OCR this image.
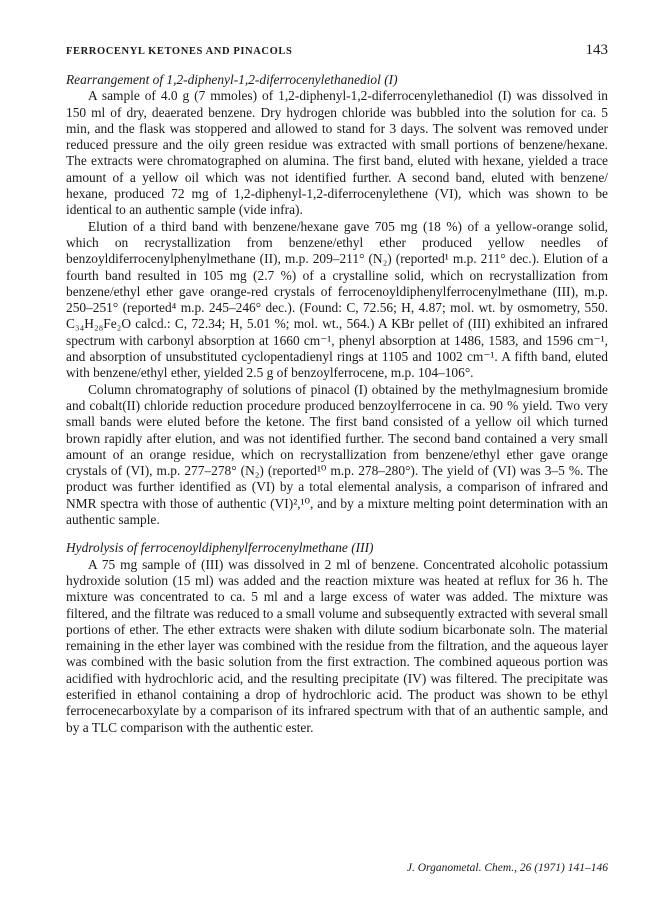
FERROCENYL KETONES AND PINACOLS	143

Rearrangement of 1,2-diphenyl-1,2-diferrocenylethanediol (I)

A sample of 4.0 g (7 mmoles) of 1,2-diphenyl-1,2-diferrocenylethanediol (I) was dissolved in 150 ml of dry, deaerated benzene. Dry hydrogen chloride was bubbled into the solution for ca. 5 min, and the flask was stoppered and allowed to stand for 3 days. The solvent was removed under reduced pressure and the oily green residue was extracted with small portions of benzene/hexane. The extracts were chromatographed on alumina. The first band, eluted with hexane, yielded a trace amount of a yellow oil which was not identified further. A second band, eluted with benzene/ hexane, produced 72 mg of 1,2-diphenyl-1,2-diferrocenylethene (VI), which was shown to be identical to an authentic sample (vide infra).

Elution of a third band with benzene/hexane gave 705 mg (18 %) of a yellow-orange solid, which on recrystallization from benzene/ethyl ether produced yellow needles of benzoyldiferrocenylphenylmethane (II), m.p. 209–211° (N₂) (reported¹ m.p. 211° dec.). Elution of a fourth band resulted in 105 mg (2.7 %) of a crystalline solid, which on recrystallization from benzene/ethyl ether gave orange-red crystals of ferrocenoyldiphenylferrocenylmethane (III), m.p. 250–251° (reported⁴ m.p. 245–246° dec.). (Found: C, 72.56; H, 4.87; mol. wt. by osmometry, 550. C₃₄H₂₈Fe₂O calcd.: C, 72.34; H, 5.01 %; mol. wt., 564.) A KBr pellet of (III) exhibited an infrared spectrum with carbonyl absorption at 1660 cm⁻¹, phenyl absorption at 1486, 1583, and 1596 cm⁻¹, and absorption of unsubstituted cyclopentadienyl rings at 1105 and 1002 cm⁻¹. A fifth band, eluted with benzene/ethyl ether, yielded 2.5 g of benzoylferrocene, m.p. 104–106°.

Column chromatography of solutions of pinacol (I) obtained by the methylmagnesium bromide and cobalt(II) chloride reduction procedure produced benzoylferrocene in ca. 90 % yield. Two very small bands were eluted before the ketone. The first band consisted of a yellow oil which turned brown rapidly after elution, and was not identified further. The second band contained a very small amount of an orange residue, which on recrystallization from benzene/ethyl ether gave orange crystals of (VI), m.p. 277–278° (N₂) (reported¹⁰ m.p. 278–280°). The yield of (VI) was 3–5 %. The product was further identified as (VI) by a total elemental analysis, a comparison of infrared and NMR spectra with those of authentic (VI)²,¹⁰, and by a mixture melting point determination with an authentic sample.

Hydrolysis of ferrocenoyldiphenylferrocenylmethane (III)

A 75 mg sample of (III) was dissolved in 2 ml of benzene. Concentrated alcoholic potassium hydroxide solution (15 ml) was added and the reaction mixture was heated at reflux for 36 h. The mixture was concentrated to ca. 5 ml and a large excess of water was added. The mixture was filtered, and the filtrate was reduced to a small volume and subsequently extracted with several small portions of ether. The ether extracts were shaken with dilute sodium bicarbonate soln. The material remaining in the ether layer was combined with the residue from the filtration, and the aqueous layer was combined with the basic solution from the first extraction. The combined aqueous portion was acidified with hydrochloric acid, and the resulting precipitate (IV) was filtered. The precipitate was esterified in ethanol containing a drop of hydrochloric acid. The product was shown to be ethyl ferrocenecarboxylate by a comparison of its infrared spectrum with that of an authentic sample, and by a TLC comparison with the authentic ester.

J. Organometal. Chem., 26 (1971) 141–146
